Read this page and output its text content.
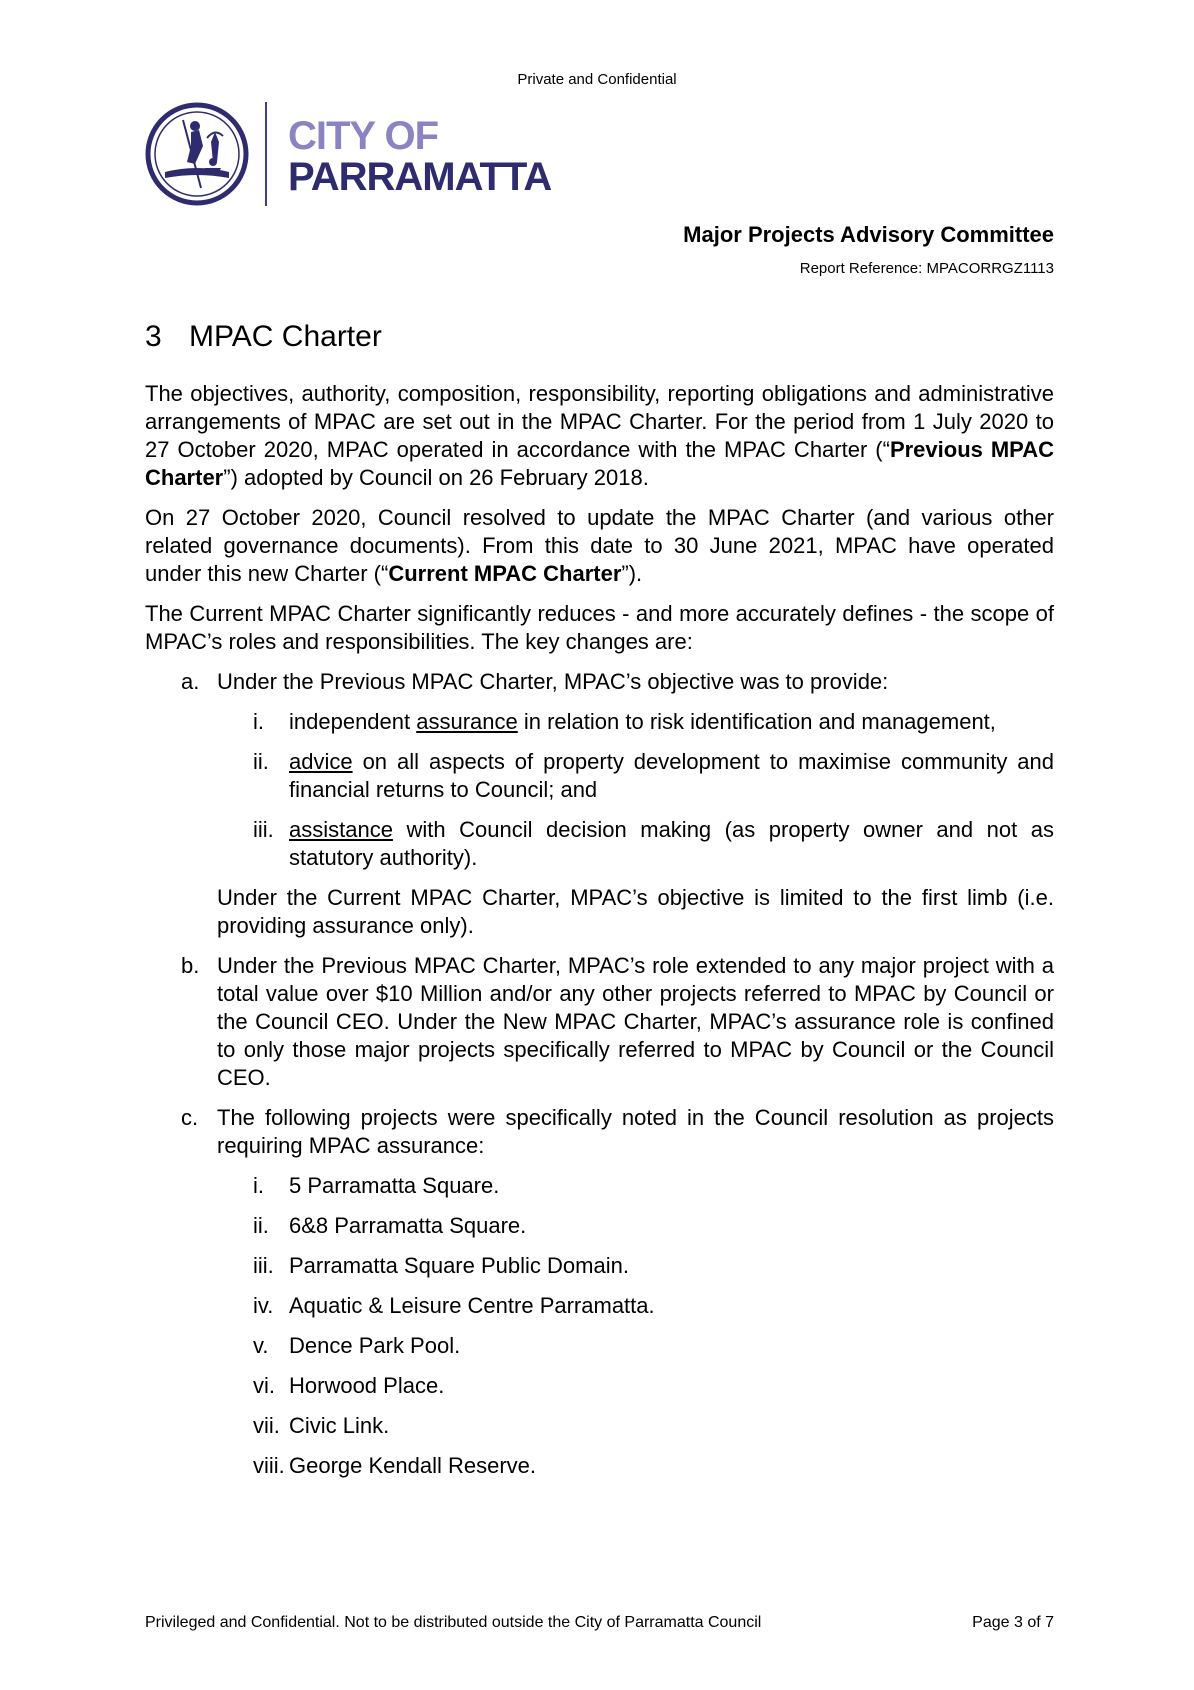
Private and Confidential
CITY OF
PARRAMATTA
Major Projects Advisory Committee
Report Reference: MPACORRGZ1113
3 MPAC Charter

The objectives, authority, composition, responsibility, reporting obligations and administrative arrangements of MPAC are set out in the MPAC Charter. For the period from 1 July 2020 to 27 October 2020, MPAC operated in accordance with the MPAC Charter (“Previous MPAC Charter”) adopted by Council on 26 February 2018.

On 27 October 2020, Council resolved to update the MPAC Charter (and various other related governance documents). From this date to 30 June 2021, MPAC have operated under this new Charter (“Current MPAC Charter”).

The Current MPAC Charter significantly reduces - and more accurately defines - the scope of MPAC’s roles and responsibilities. The key changes are:

a. Under the Previous MPAC Charter, MPAC’s objective was to provide:

i. independent assurance in relation to risk identification and management,
ii. advice on all aspects of property development to maximise community and financial returns to Council; and
iii. assistance with Council decision making (as property owner and not as statutory authority).

Under the Current MPAC Charter, MPAC’s objective is limited to the first limb (i.e. providing assurance only).

b. Under the Previous MPAC Charter, MPAC’s role extended to any major project with a total value over $10 Million and/or any other projects referred to MPAC by Council or the Council CEO. Under the New MPAC Charter, MPAC’s assurance role is confined to only those major projects specifically referred to MPAC by Council or the Council CEO.

c. The following projects were specifically noted in the Council resolution as projects requiring MPAC assurance:

i. 5 Parramatta Square.
ii. 6&8 Parramatta Square.
iii. Parramatta Square Public Domain.
iv. Aquatic & Leisure Centre Parramatta.
v. Dence Park Pool.
vi. Horwood Place.
vii. Civic Link.
viii. George Kendall Reserve.
Privileged and Confidential. Not to be distributed outside the City of Parramatta Council	Page 3 of 7
